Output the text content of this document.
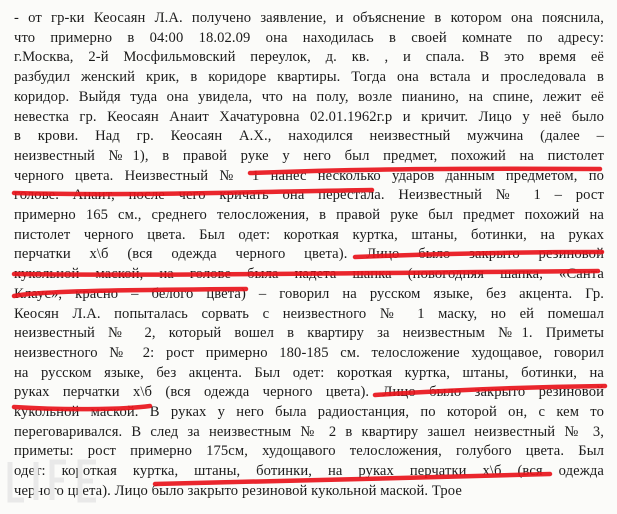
- от гр-ки Кеосаян Л.А. получено заявление, и объяснение в котором она пояснила,
что примерно в 04:00 18.02.09 она находилась в своей комнате по адресу:
г.Москва, 2-й Мосфильмовский переулок, д. кв. , и спала. В это время её
разбудил женский крик, в коридоре квартиры. Тогда она встала и проследовала в
коридор. Выйдя туда она увидела, что на полу, возле пианино, на спине, лежит её
невестка гр. Кеосаян Анаит Хачатуровна 02.01.1962г.р и кричит. Лицо у неё было
в крови. Над гр. Кеосаян А.Х., находился неизвестный мужчина (далее –
неизвестный №1), в правой руке у него был предмет, похожий на пистолет
черного цвета. Неизвестный № 1 нанес несколько ударов данным предметом, по
голове. Анаит, после чего кричать она перестала. Неизвестный № 1 – рост
примерно 165 см., среднего телосложения, в правой руке был предмет похожий на
пистолет черного цвета. Был одет: короткая куртка, штаны, ботинки, на руках
перчатки х\б (вся одежда черного цвета). Лицо было закрыто резиновой
кукольной маской, на голове была надета шапка (новогодняя шапка, «Санта
Клаус», красно – белого цвета) – говорил на русском языке, без акцента. Гр.
Кеосян Л.А. попыталась сорвать с неизвестного № 1 маску, но ей помешал
неизвестный № 2, который вошел в квартиру за неизвестным №1. Приметы
неизвестного № 2: рост примерно 180-185 см. телосложение худощавое, говорил
на русском языке, без акцента. Был одет: короткая куртка, штаны, ботинки, на
руках перчатки х\б (вся одежда черного цвета). Лицо было закрыто резиновой
кукольной маской. В руках у него была радиостанция, по которой он, с кем то
переговаривался. В след за неизвестным № 2 в квартиру зашел неизвестный № 3,
приметы: рост примерно 175см, худощавого телосложения, голубого цвета. Был
одет: короткая куртка, штаны, ботинки, на руках перчатки х\б (вся одежда
черного цвета). Лицо было закрыто резиновой кукольной маской. Трое
